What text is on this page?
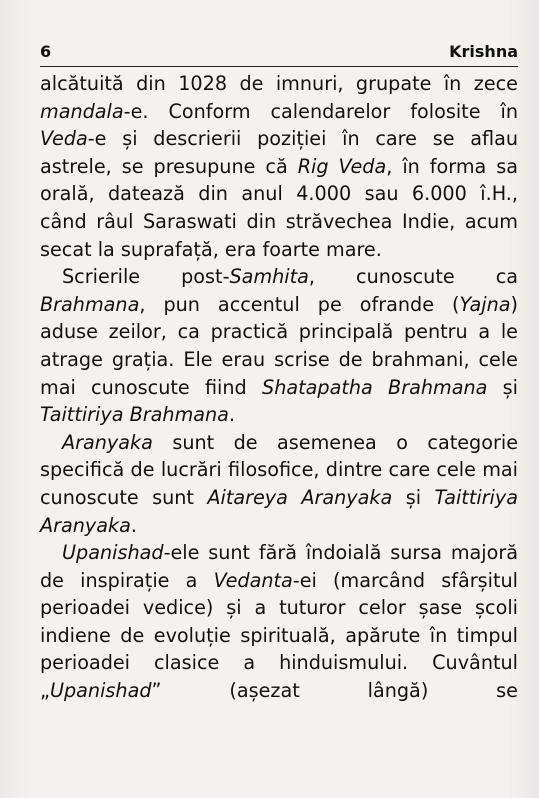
6	Krishna

alcătuită din 1028 de imnuri, grupate în zece mandala-e. Conform calendarelor folosite în Veda-e și descrierii poziției în care se aflau astrele, se presupune că Rig Veda, în forma sa orală, datează din anul 4.000 sau 6.000 î.H., când râul Saraswati din străvechea Indie, acum secat la suprafață, era foarte mare.

Scrierile post-Samhita, cunoscute ca Brahmana, pun accentul pe ofrande (Yajna) aduse zeilor, ca practică principală pentru a le atrage grația. Ele erau scrise de brahmani, cele mai cunoscute fiind Shatapatha Brahmana și Taittiriya Brahmana.

Aranyaka sunt de asemenea o categorie specifică de lucrări filosofice, dintre care cele mai cunoscute sunt Aitareya Aranyaka și Taittiriya Aranyaka.

Upanishad-ele sunt fără îndoială sursa majoră de inspirație a Vedanta-ei (marcând sfârșitul perioadei vedice) și a tuturor celor șase școli indiene de evoluție spirituală, apărute în timpul perioadei clasice a hinduismului. Cuvântul „Upanishad” (așezat lângă) se
